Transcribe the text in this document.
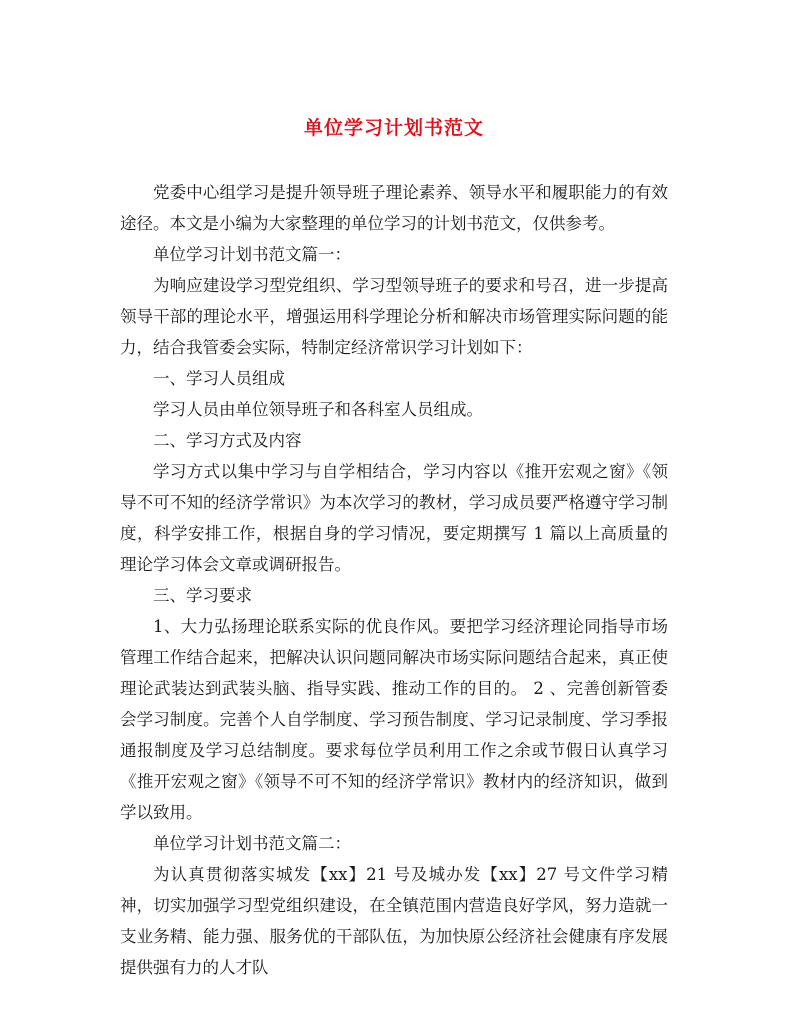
单位学习计划书范文

党委中心组学习是提升领导班子理论素养、领导水平和履职能力的有效途径。本文是小编为大家整理的单位学习的计划书范文，仅供参考。

单位学习计划书范文篇一：

为响应建设学习型党组织、学习型领导班子的要求和号召，进一步提高领导干部的理论水平，增强运用科学理论分析和解决市场管理实际问题的能力，结合我管委会实际，特制定经济常识学习计划如下：

一、学习人员组成

学习人员由单位领导班子和各科室人员组成。

二、学习方式及内容

学习方式以集中学习与自学相结合，学习内容以《推开宏观之窗》《领导不可不知的经济学常识》为本次学习的教材，学习成员要严格遵守学习制度，科学安排工作，根据自身的学习情况，要定期撰写 1 篇以上高质量的理论学习体会文章或调研报告。

三、学习要求

1、大力弘扬理论联系实际的优良作风。要把学习经济理论同指导市场管理工作结合起来，把解决认识问题同解决市场实际问题结合起来，真正使理论武装达到武装头脑、指导实践、推动工作的目的。 2 、完善创新管委会学习制度。完善个人自学制度、学习预告制度、学习记录制度、学习季报通报制度及学习总结制度。要求每位学员利用工作之余或节假日认真学习《推开宏观之窗》《领导不可不知的经济学常识》教材内的经济知识，做到学以致用。

单位学习计划书范文篇二：

为认真贯彻落实城发【xx】21 号及城办发【xx】27 号文件学习精神，切实加强学习型党组织建设，在全镇范围内营造良好学风，努力造就一支业务精、能力强、服务优的干部队伍，为加快原公经济社会健康有序发展提供强有力的人才队
